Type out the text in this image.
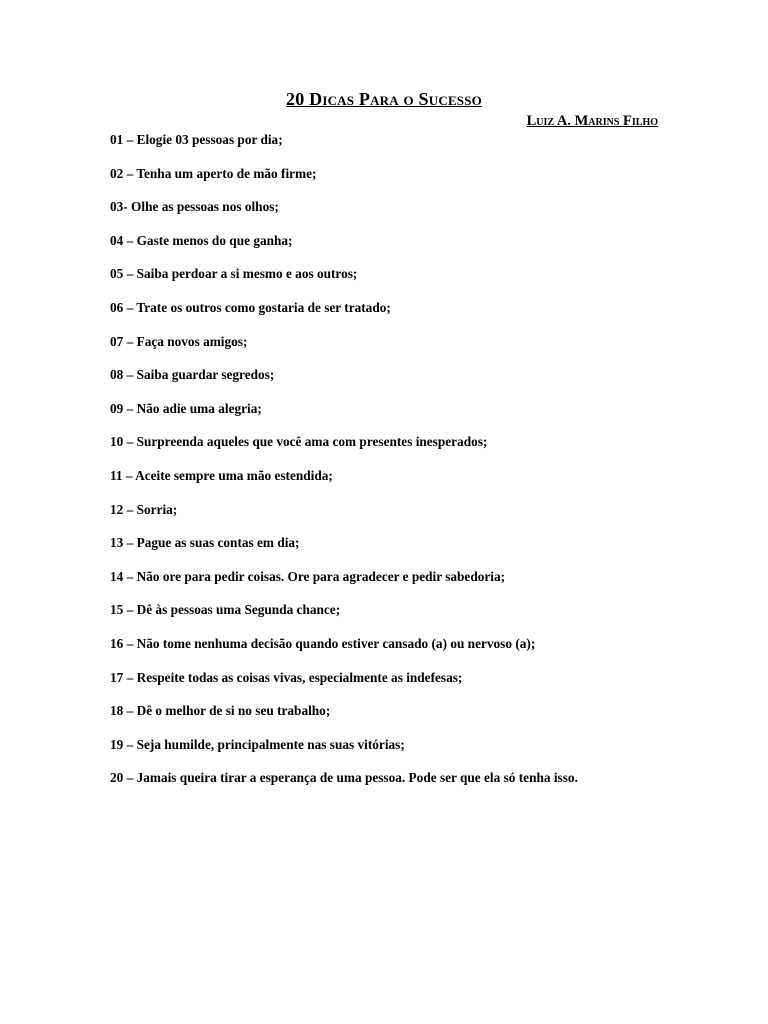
20 Dicas Para o Sucesso
Luiz A. Marins Filho
01 – Elogie 03 pessoas por dia;
02 – Tenha um aperto de mão firme;
03- Olhe as pessoas nos olhos;
04 – Gaste menos do que ganha;
05 – Saiba perdoar a si mesmo e aos outros;
06 – Trate os outros como gostaria de ser tratado;
07 – Faça novos amigos;
08 – Saiba guardar segredos;
09 – Não adie uma alegria;
10 – Surpreenda aqueles que você ama com presentes inesperados;
11 – Aceite sempre uma mão estendida;
12 – Sorria;
13 – Pague as suas contas em dia;
14 – Não ore para pedir coisas. Ore para agradecer e pedir sabedoria;
15 – Dê às pessoas uma Segunda chance;
16 – Não tome nenhuma decisão quando estiver cansado (a) ou nervoso (a);
17 – Respeite todas as coisas vivas, especialmente as indefesas;
18 – Dê o melhor de si no seu trabalho;
19 – Seja humilde, principalmente nas suas vitórias;
20 – Jamais queira tirar a esperança de uma pessoa. Pode ser que ela só tenha isso.
